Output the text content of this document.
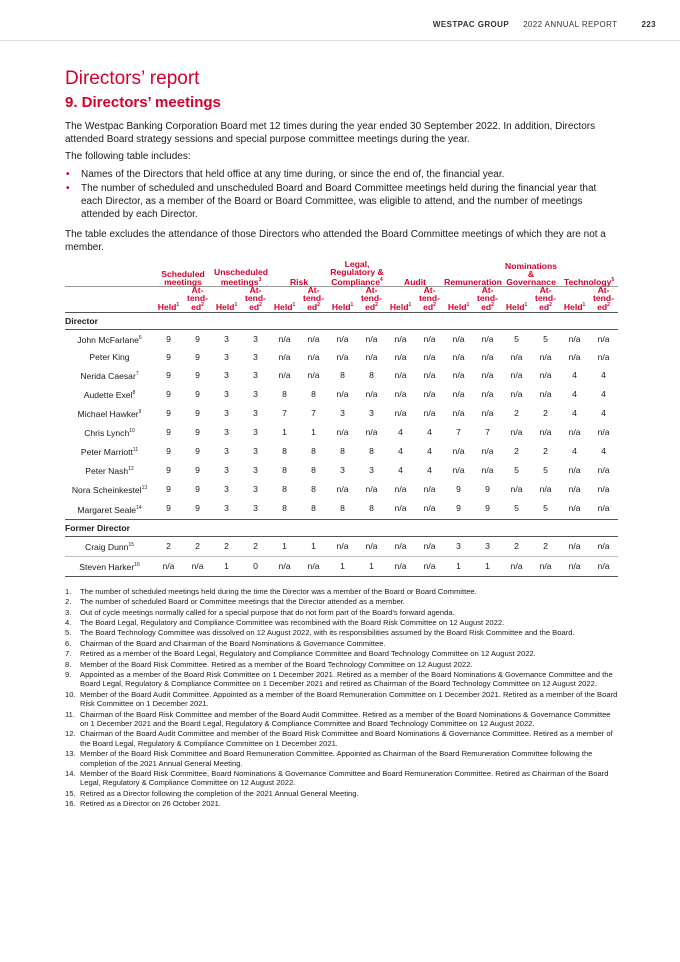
WESTPAC GROUP 2022 ANNUAL REPORT	223
Directors’ report
9. Directors’ meetings

The Westpac Banking Corporation Board met 12 times during the year ended 30 September 2022. In addition, Directors attended Board strategy sessions and special purpose committee meetings during the year.

The following table includes:

• Names of the Directors that held office at any time during, or since the end of, the financial year.
• The number of scheduled and unscheduled Board and Board Committee meetings held during the financial year that each Director, as a member of the Board or Board Committee, was eligible to attend, and the number of meetings attended by each Director.

The table excludes the attendance of those Directors who attended the Board Committee meetings of which they are not a member.

	Scheduled meetings		Unscheduled meetings$^3$		Risk		Legal, Regulatory & Compliance$^4$		Audit		Remuneration		Nominations & Governance		Technology$^5$
	Held$^1$	$At-tend-ed^2$	Held$^1$	$At-tend-ed^2$	Held$^1$	$At-tend-ed^2$	Held$^1$	$At-tend-ed^2$	Held$^1$	$At-tend-ed^2$	Held$^1$	$At-tend-ed^2$	Held$^1$	$At-tend-ed^2$	Held$^1$	$At-tend-ed^2$
Director																
John McFarlane$^6$	9	9	3	3	n/a	n/a	n/a	n/a	n/a	n/a	n/a	n/a	5	5	n/a	n/a
Peter King	9	9	3	3	n/a	n/a	n/a	n/a	n/a	n/a	n/a	n/a	n/a	n/a	n/a	n/a
Nerida Caesar$^7$	9	9	3	3	n/a	n/a	8	8	n/a	n/a	n/a	n/a	n/a	n/a	4	4
Audette Exel$^8$	9	9	3	3	8	8	n/a	n/a	n/a	n/a	n/a	n/a	n/a	n/a	4	4
Michael Hawker$^9$	9	9	3	3	7	7	3	3	n/a	n/a	n/a	n/a	2	2	4	4
Chris Lynch$^{10}$	9	9	3	3	1	1	n/a	n/a	4	4	7	7	n/a	n/a	n/a	n/a
Peter Marriott$^{11}$	9	9	3	3	8	8	8	8	4	4	n/a	n/a	2	2	4	4
Peter Nash$^{12}$	9	9	3	3	8	8	3	3	4	4	n/a	n/a	5	5	n/a	n/a
Nora Scheinkestel$^{13}$	9	9	3	3	8	8	n/a	n/a	n/a	n/a	9	9	n/a	n/a	n/a	n/a
Margaret Seale$^{14}$	9	9	3	3	8	8	8	8	n/a	n/a	9	9	5	5	n/a	n/a
Former Director																
Craig Dunn$^{15}$	2	2	2	2	1	1	n/a	n/a	n/a	n/a	3	3	2	2	n/a	n/a
Steven Harker$^{16}$	n/a	n/a	1	0	n/a	n/a	1	1	n/a	n/a	1	1	n/a	n/a	n/a	n/a
1. The number of scheduled meetings held during the time the Director was a member of the Board or Board Committee.
2. The number of scheduled Board or Committee meetings that the Director attended as a member.
3. Out of cycle meetings normally called for a special purpose that do not form part of the Board’s forward agenda.
4. The Board Legal, Regulatory and Compliance Committee was recombined with the Board Risk Committee on 12 August 2022.
5. The Board Technology Committee was dissolved on 12 August 2022, with its responsibilities assumed by the Board Risk Committee and the Board.
6. Chairman of the Board and Chairman of the Board Nominations & Governance Committee.
7. Retired as a member of the Board Legal, Regulatory and Compliance Committee and Board Technology Committee on 12 August 2022.
8. Member of the Board Risk Committee. Retired as a member of the Board Technology Committee on 12 August 2022.
9. Appointed as a member of the Board Risk Committee on 1 December 2021. Retired as a member of the Board Nominations & Governance Committee and the Board Legal, Regulatory & Compliance Committee on 1 December 2021 and retired as Chairman of the Board Technology Committee on 12 August 2022.
10. Member of the Board Audit Committee. Appointed as a member of the Board Remuneration Committee on 1 December 2021. Retired as a member of the Board Risk Committee on 1 December 2021.
11. Chairman of the Board Risk Committee and member of the Board Audit Committee. Retired as a member of the Board Nominations & Governance Committee on 1 December 2021 and the Board Legal, Regulatory & Compliance Committee and Board Technology Committee on 12 August 2022.
12. Chairman of the Board Audit Committee and member of the Board Risk Committee and Board Nominations & Governance Committee. Retired as a member of the Board Legal, Regulatory & Compliance Committee on 1 December 2021.
13. Member of the Board Risk Committee and Board Remuneration Committee. Appointed as Chairman of the Board Remuneration Committee following the completion of the 2021 Annual General Meeting.
14. Member of the Board Risk Committee, Board Nominations & Governance Committee and Board Remuneration Committee. Retired as Chairman of the Board Legal, Regulatory & Compliance Committee on 12 August 2022.
15. Retired as a Director following the completion of the 2021 Annual General Meeting.
16. Retired as a Director on 26 October 2021.
